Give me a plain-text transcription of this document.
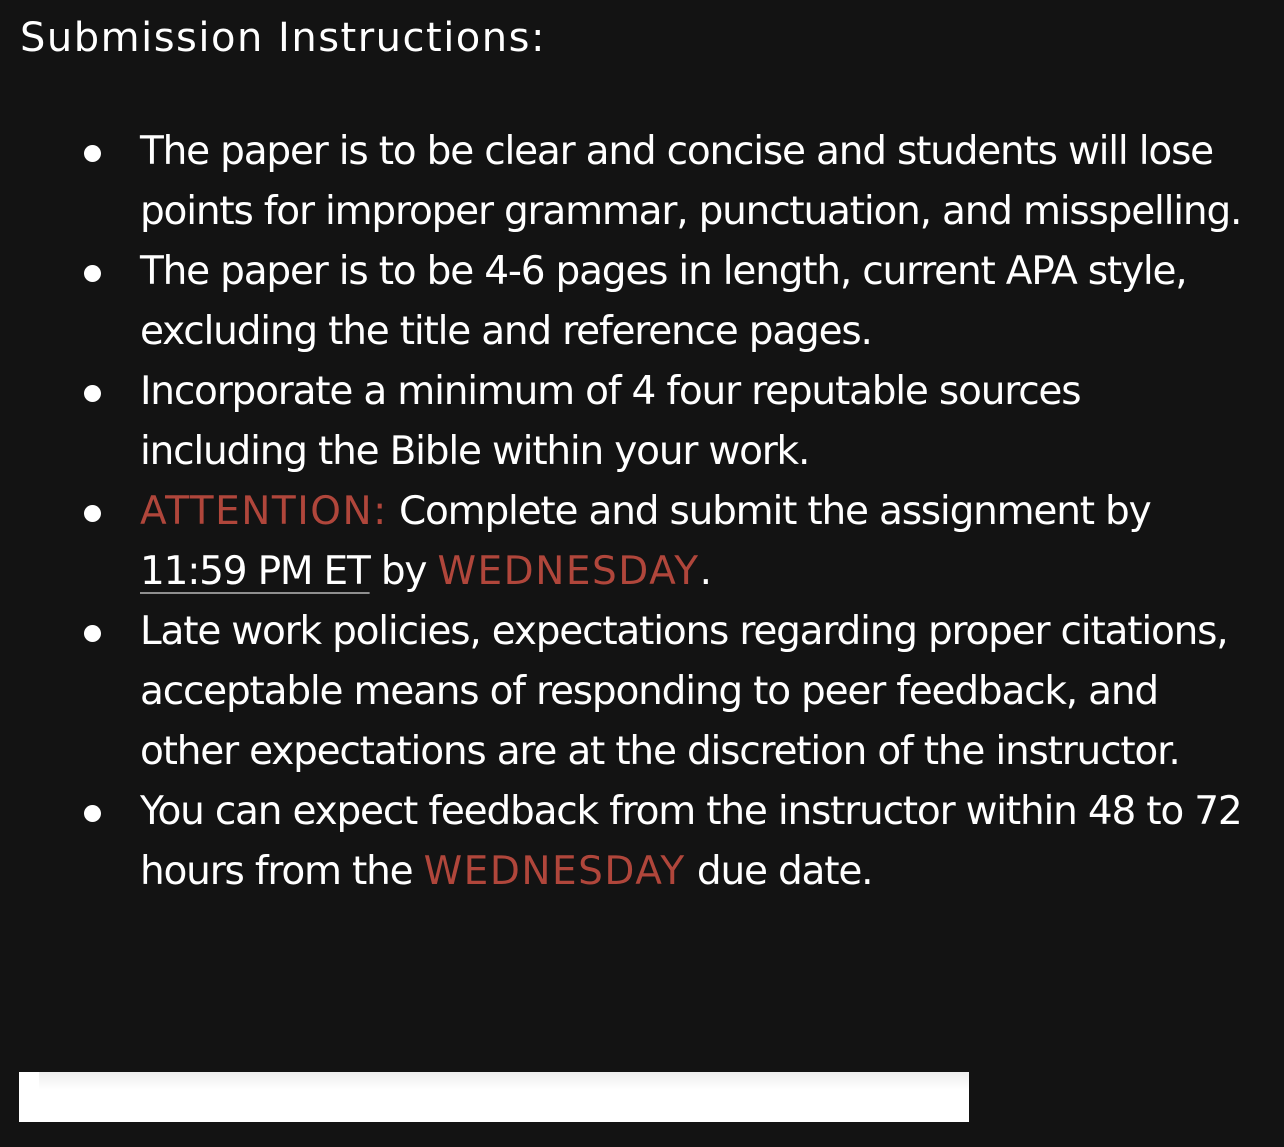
Submission Instructions:
The paper is to be clear and concise and students will lose points for improper grammar, punctuation, and misspelling.
The paper is to be 4-6 pages in length, current APA style, excluding the title and reference pages.
Incorporate a minimum of 4 four reputable sources including the Bible within your work.
ATTENTION: Complete and submit the assignment by 11:59 PM ET by WEDNESDAY.
Late work policies, expectations regarding proper citations, acceptable means of responding to peer feedback, and other expectations are at the discretion of the instructor.
You can expect feedback from the instructor within 48 to 72 hours from the WEDNESDAY due date.
